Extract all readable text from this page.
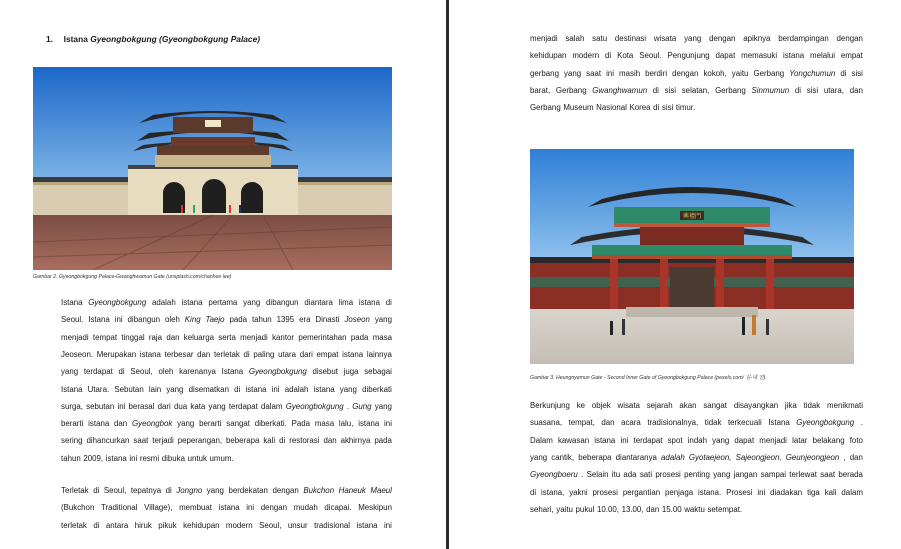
1. Istana Gyeongbokgung (Gyeongbokgung Palace)
Gambar 2. Gyeongbokgung Palace-Gwanghwamun Gate (unsplash.com/chanhee lee)
Istana Gyeongbokgung adalah istana pertama yang dibangun diantara lima istana di
Seoul. Istana ini dibangun oleh King Taejo pada tahun 1395 era Dinasti Joseon yang
menjadi tempat tinggal raja dan keluarga serta menjadi kantor pemerintahan pada masa
Jeoseon. Merupakan istana terbesar dan terletak di paling utara dari empat istana lainnya
yang terdapat di Seoul, oleh karenanya Istana Gyeongbokgung disebut juga sebagai
Istana Utara. Sebutan lain yang disematkan di istana ini adalah istana yang diberkati
surga, sebutan ini berasal dari dua kata yang terdapat dalam Gyeongbokgung . Gung yang
berarti istana dan Gyeongbok yang berarti sangat diberkati. Pada masa lalu, istana ini
sering dihancurkan saat terjadi peperangan, beberapa kali di restorasi dan akhirnya pada
tahun 2009, istana ini resmi dibuka untuk umum.
Terletak di Seoul, tepatnya di Jongno yang berdekatan dengan Bukchon Haneuk Maeul
(Bukchon Traditional Village), membuat istana ini dengan mudah dicapai. Meskipun
terletak di antara hiruk pikuk kehidupan modern Seoul, unsur tradisional istana ini
menjadi salah satu destinasi wisata yang dengan apiknya berdampingan dengan
kehidupan modern di Kota Seoul. Pengunjung dapat memasuki istana melalui empat
gerbang yang saat ini masih berdiri dengan kokoh, yaitu Gerbang Yongchumun di sisi
barat, Gerbang Gwanghwamun di sisi selatan, Gerbang Sinmumun di sisi utara, dan
Gerbang Museum Nasional Korea di sisi timur.
興禮門
Gambar 3. Heungnyemun Gate - Second Inner Gate of Gyeongbokgung Palace (pexels.com/ 김-대 진)
Berkunjung ke objek wisata sejarah akan sangat disayangkan jika tidak menikmati
suasana, tempat, dan acara tradisionalnya, tidak terkecuali Istana Gyeongbokgung .
Dalam kawasan istana ini terdapat spot indah yang dapat menjadi latar belakang foto
yang cantik, beberapa diantaranya adalah Gyotaejeon, Sajeongjeon, Geunjeongjeon , dan
Gyeongboeru . Selain itu ada sati prosesi penting yang jangan sampai terlewat saat berada
di istana, yakni prosesi pergantian penjaga istana. Prosesi ini diadakan tiga kali dalam
sehari, yaitu pukul 10.00, 13.00, dan 15.00 waktu setempat.
